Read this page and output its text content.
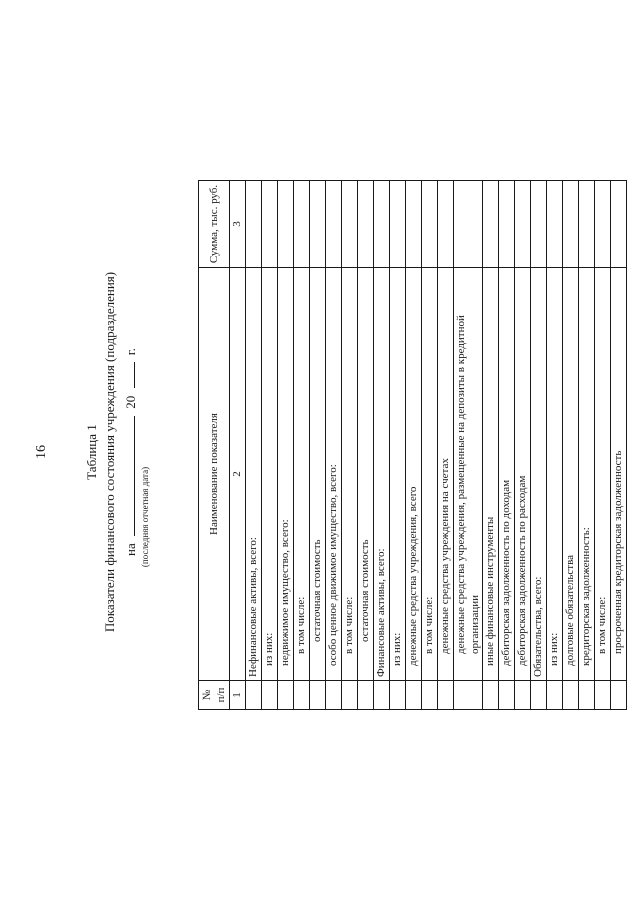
16	Таблица 1 Показатели финансового состояния учреждения (подразделения) на  20  г.
(последняя отчетная дата)
№ п/п	Наименование показателя	Сумма, тыс. руб.
1	2	3
	Нефинансовые активы, всего:	
	из них:	
	недвижимое имущество, всего:	
	в том числе:	
	остаточная стоимость	
	особо ценное движимое имущество, всего:	
	в том числе:	
	остаточная стоимость	
	Финансовые активы, всего:	
	из них:	
	денежные средства учреждения, всего	
	в том числе:	
	денежные средства учреждения на счетах	
	денежные средства учреждения, размещенные на депозиты в кредитной организации	
	иные финансовые инструменты	
	дебиторская задолженность по доходам	
	дебиторская задолженность по расходам	
	Обязательства, всего:	
	из них:	
	долговые обязательства	
	кредиторская задолженность:	
	в том числе:	
	просроченная кредиторская задолженность	
